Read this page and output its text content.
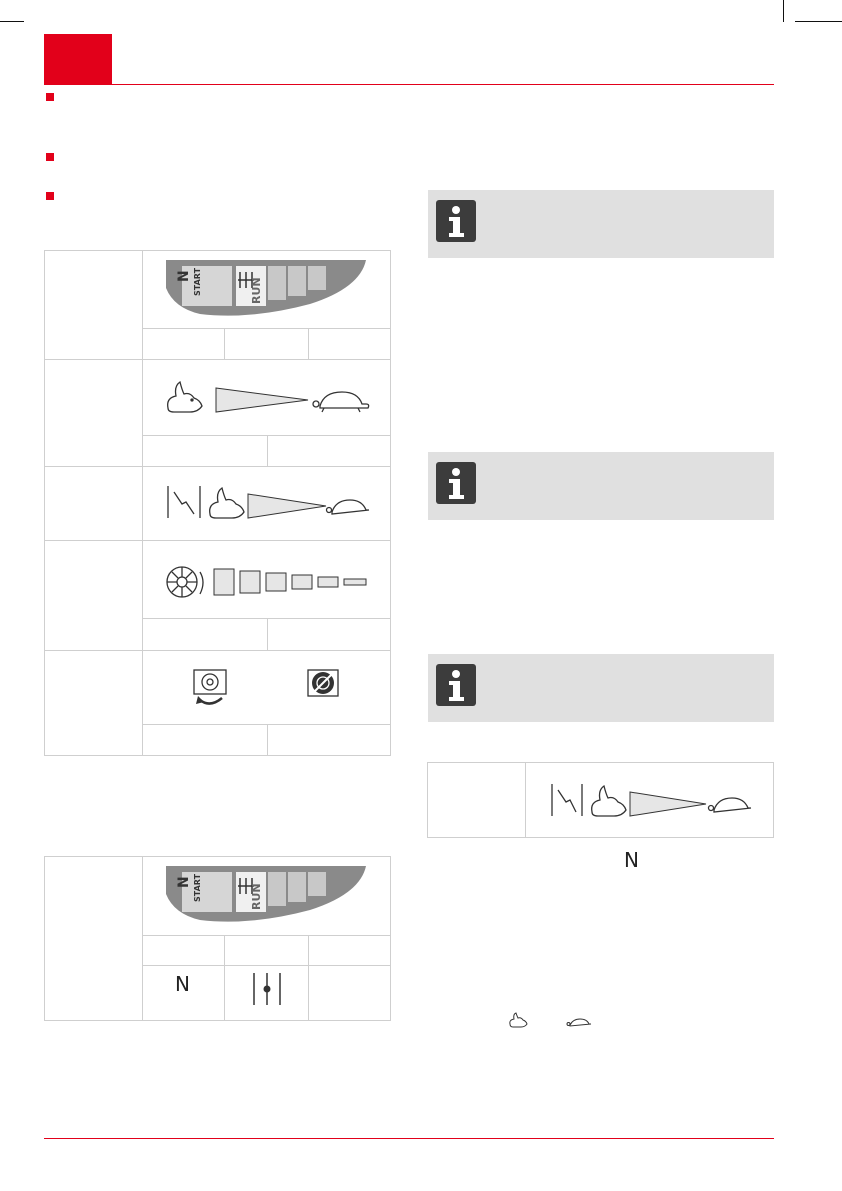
N START	RUN
N START	RUN
N
N
